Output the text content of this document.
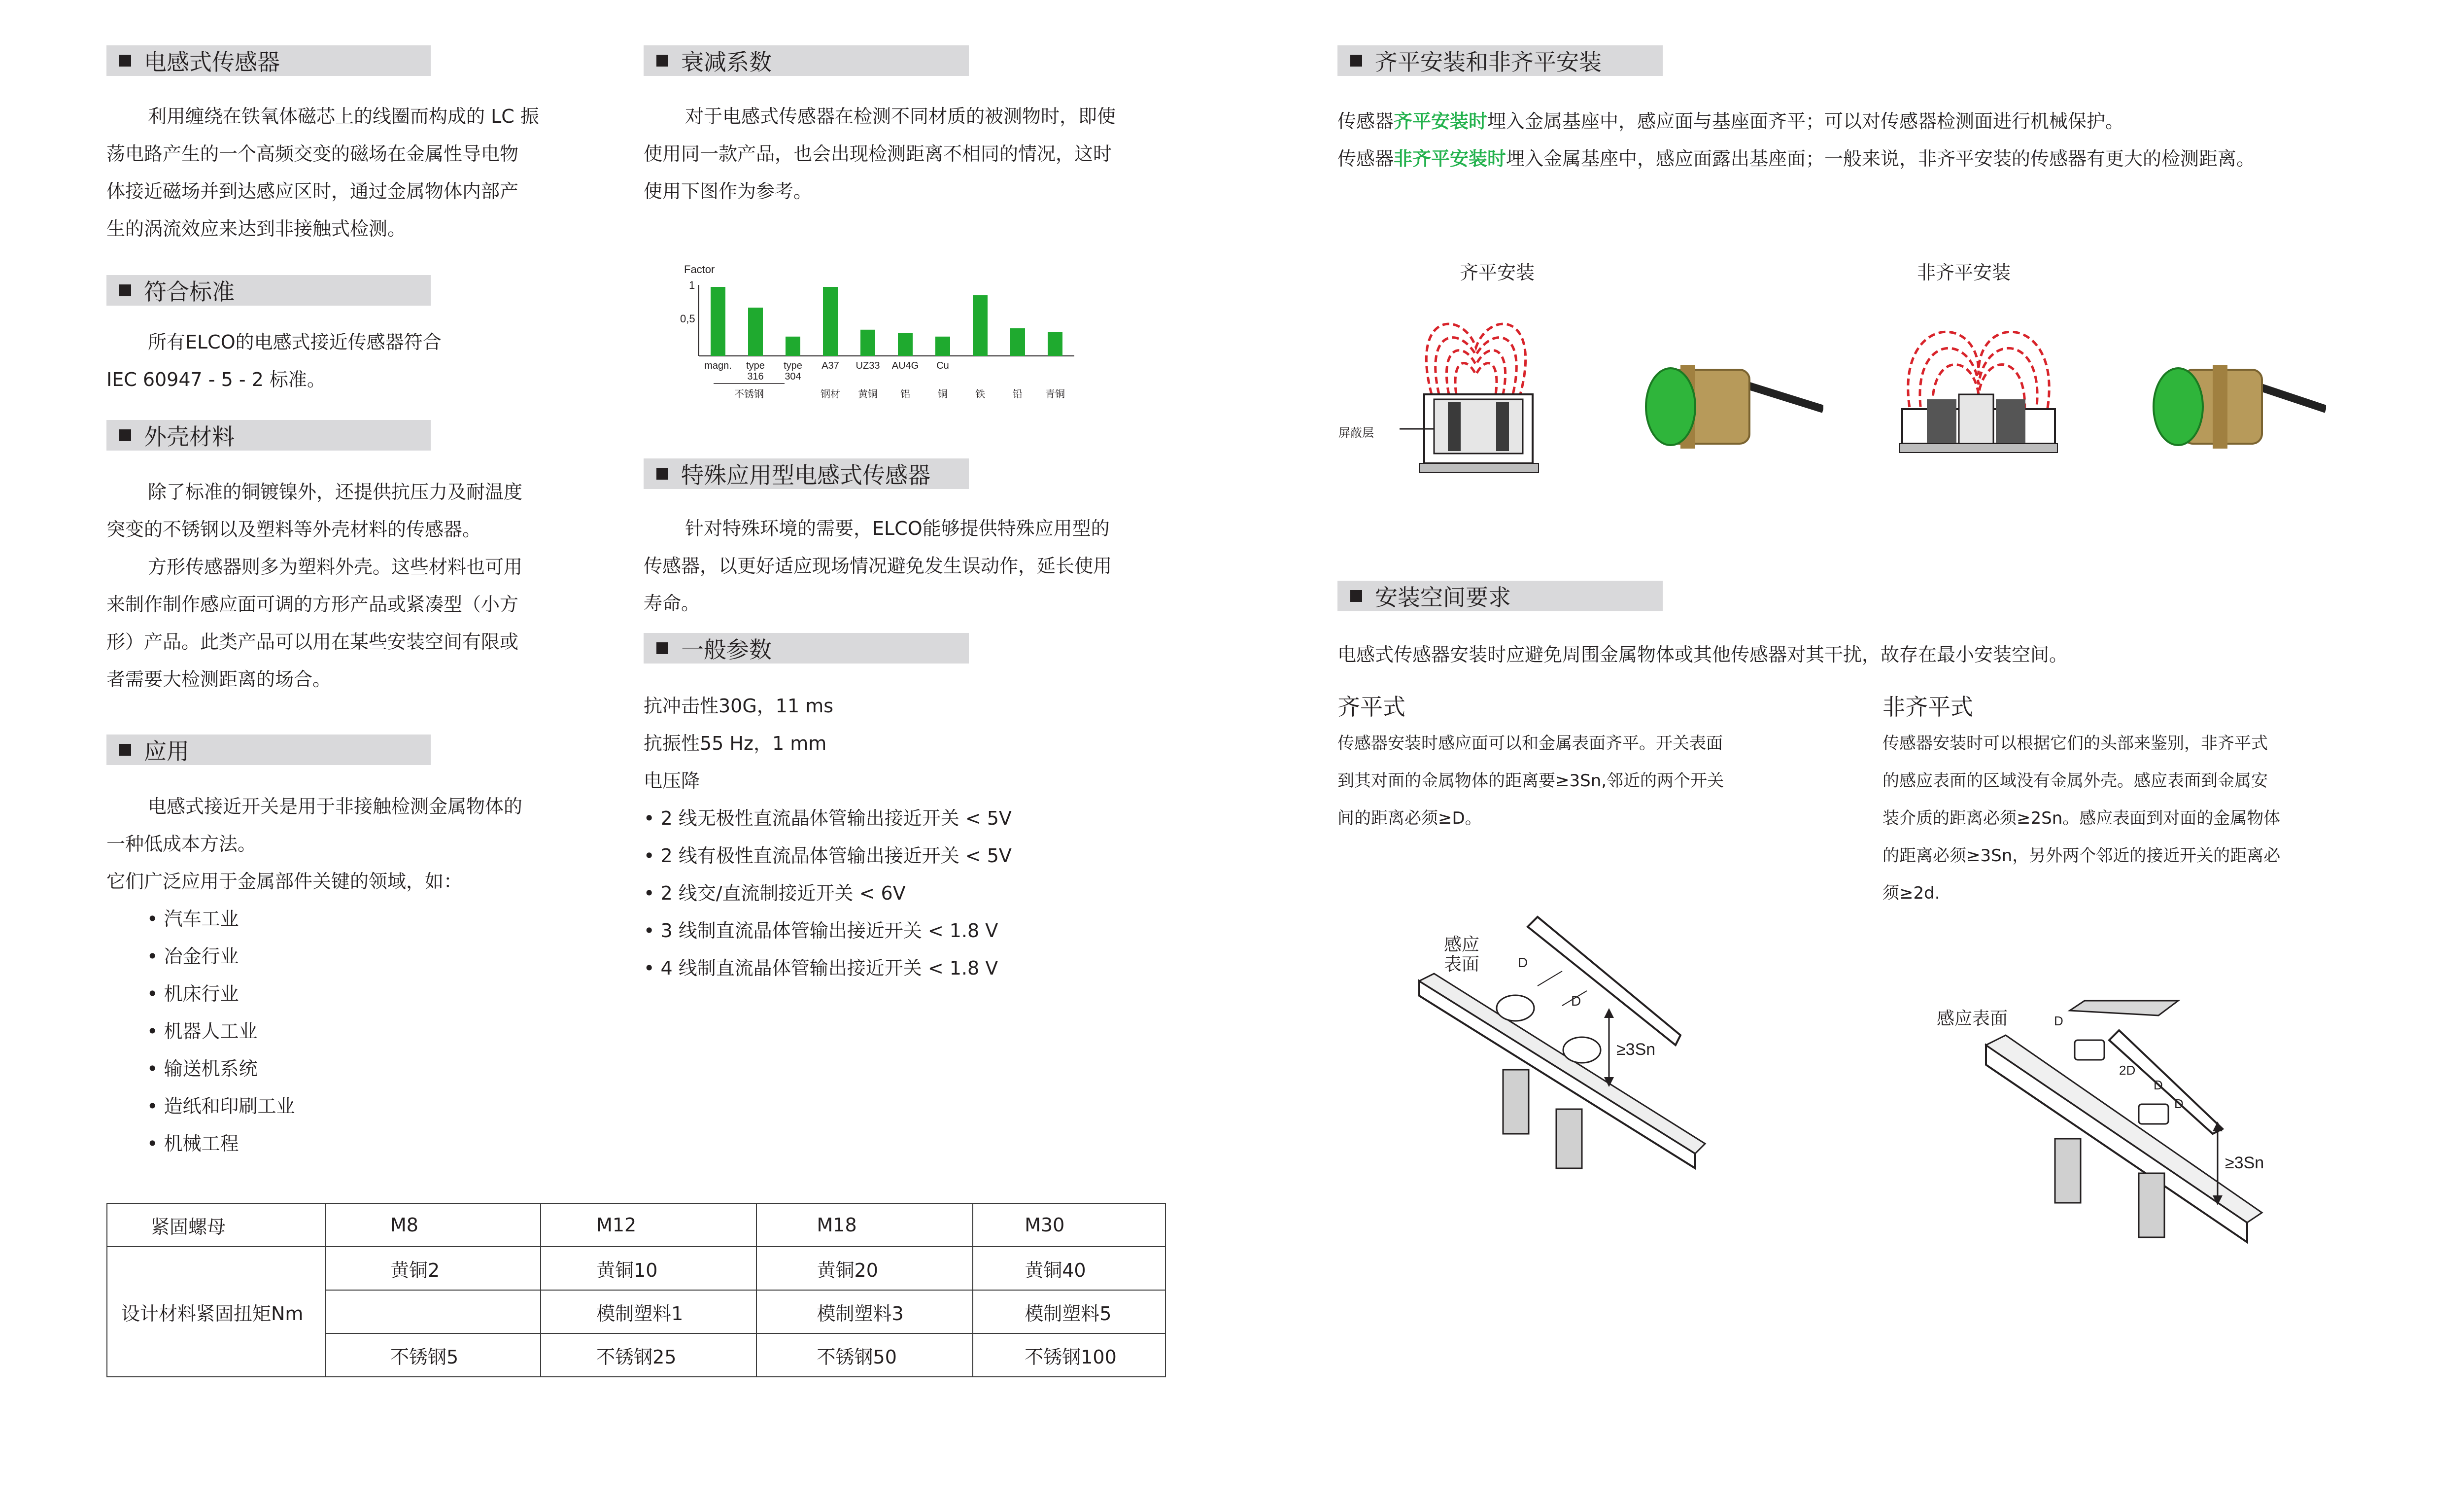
电感式传感器

利用缠绕在铁氧体磁芯上的线圈而构成的 LC 振

荡电路产生的一个高频交变的磁场在金属性导电物

体接近磁场并到达感应区时，通过金属物体内部产

生的涡流效应来达到非接触式检测。

符合标准

所有ELCO的电感式接近传感器符合

IEC 60947 - 5 - 2 标准。

外壳材料

除了标准的铜镀镍外，还提供抗压力及耐温度

突变的不锈钢以及塑料等外壳材料的传感器。

方形传感器则多为塑料外壳。这些材料也可用

来制作制作感应面可调的方形产品或紧凑型（小方

形）产品。此类产品可以用在某些安装空间有限或

者需要大检测距离的场合。

应用

电感式接近开关是用于非接触检测金属物体的

一种低成本方法。

它们广泛应用于金属部件关键的领域，如：

• 汽车工业
• 冶金行业
• 机床行业
• 机器人工业
• 输送机系统
• 造纸和印刷工业
• 机械工程
紧固螺母	M8	M12	M18	M30
设计材料紧固扭矩Nm	黄铜2	黄铜10	黄铜20	黄铜40
		模制塑料1	模制塑料3	模制塑料5
	不锈钢5	不锈钢25	不锈钢50	不锈钢100
衰减系数

对于电感式传感器在检测不同材质的被测物时，即使

使用同一款产品，也会出现检测距离不相同的情况，这时

使用下图作为参考。

Factor
1
0,5
magn. type
316
type
304
A37 UZ33 AU4G Cu
不锈钢	钢材 黄铜 铝	铜	铁	铅 青铜
特殊应用型电感式传感器

针对特殊环境的需要，ELCO能够提供特殊应用型的

传感器，以更好适应现场情况避免发生误动作，延长使用

寿命。

一般参数

抗冲击性30G，11 ms

抗振性55 Hz，1 mm

电压降

• 2 线无极性直流晶体管输出接近开关 < 5V

• 2 线有极性直流晶体管输出接近开关 < 5V

• 2 线交/直流制接近开关 < 6V

• 3 线制直流晶体管输出接近开关 < 1.8 V

• 4 线制直流晶体管输出接近开关 < 1.8 V

齐平安装和非齐平安装

传感器齐平安装时埋入金属基座中，感应面与基座面齐平；可以对传感器检测面进行机械保护。

传感器非齐平安装时埋入金属基座中，感应面露出基座面；一般来说，非齐平安装的传感器有更大的检测距离。

齐平安装	非齐平安装
屏蔽层
安装空间要求
电感式传感器安装时应避免周围金属物体或其他传感器对其干扰，故存在最小安装空间。
齐平式

传感器安装时感应面可以和金属表面齐平。开关表面

到其对面的金属物体的距离要≥3Sn,邻近的两个开关

间的距离必须≥D。

非齐平式

传感器安装时可以根据它们的头部来鉴别，非齐平式

的感应表面的区域没有金属外壳。感应表面到金属安

装介质的距离必须≥2Sn。感应表面到对面的金属物体

的距离必须≥3Sn，另外两个邻近的接近开关的距离必

须≥2d.

感应
表面	D
D
≥3Sn
感应表面	D
2D
D
D
≥3Sn
